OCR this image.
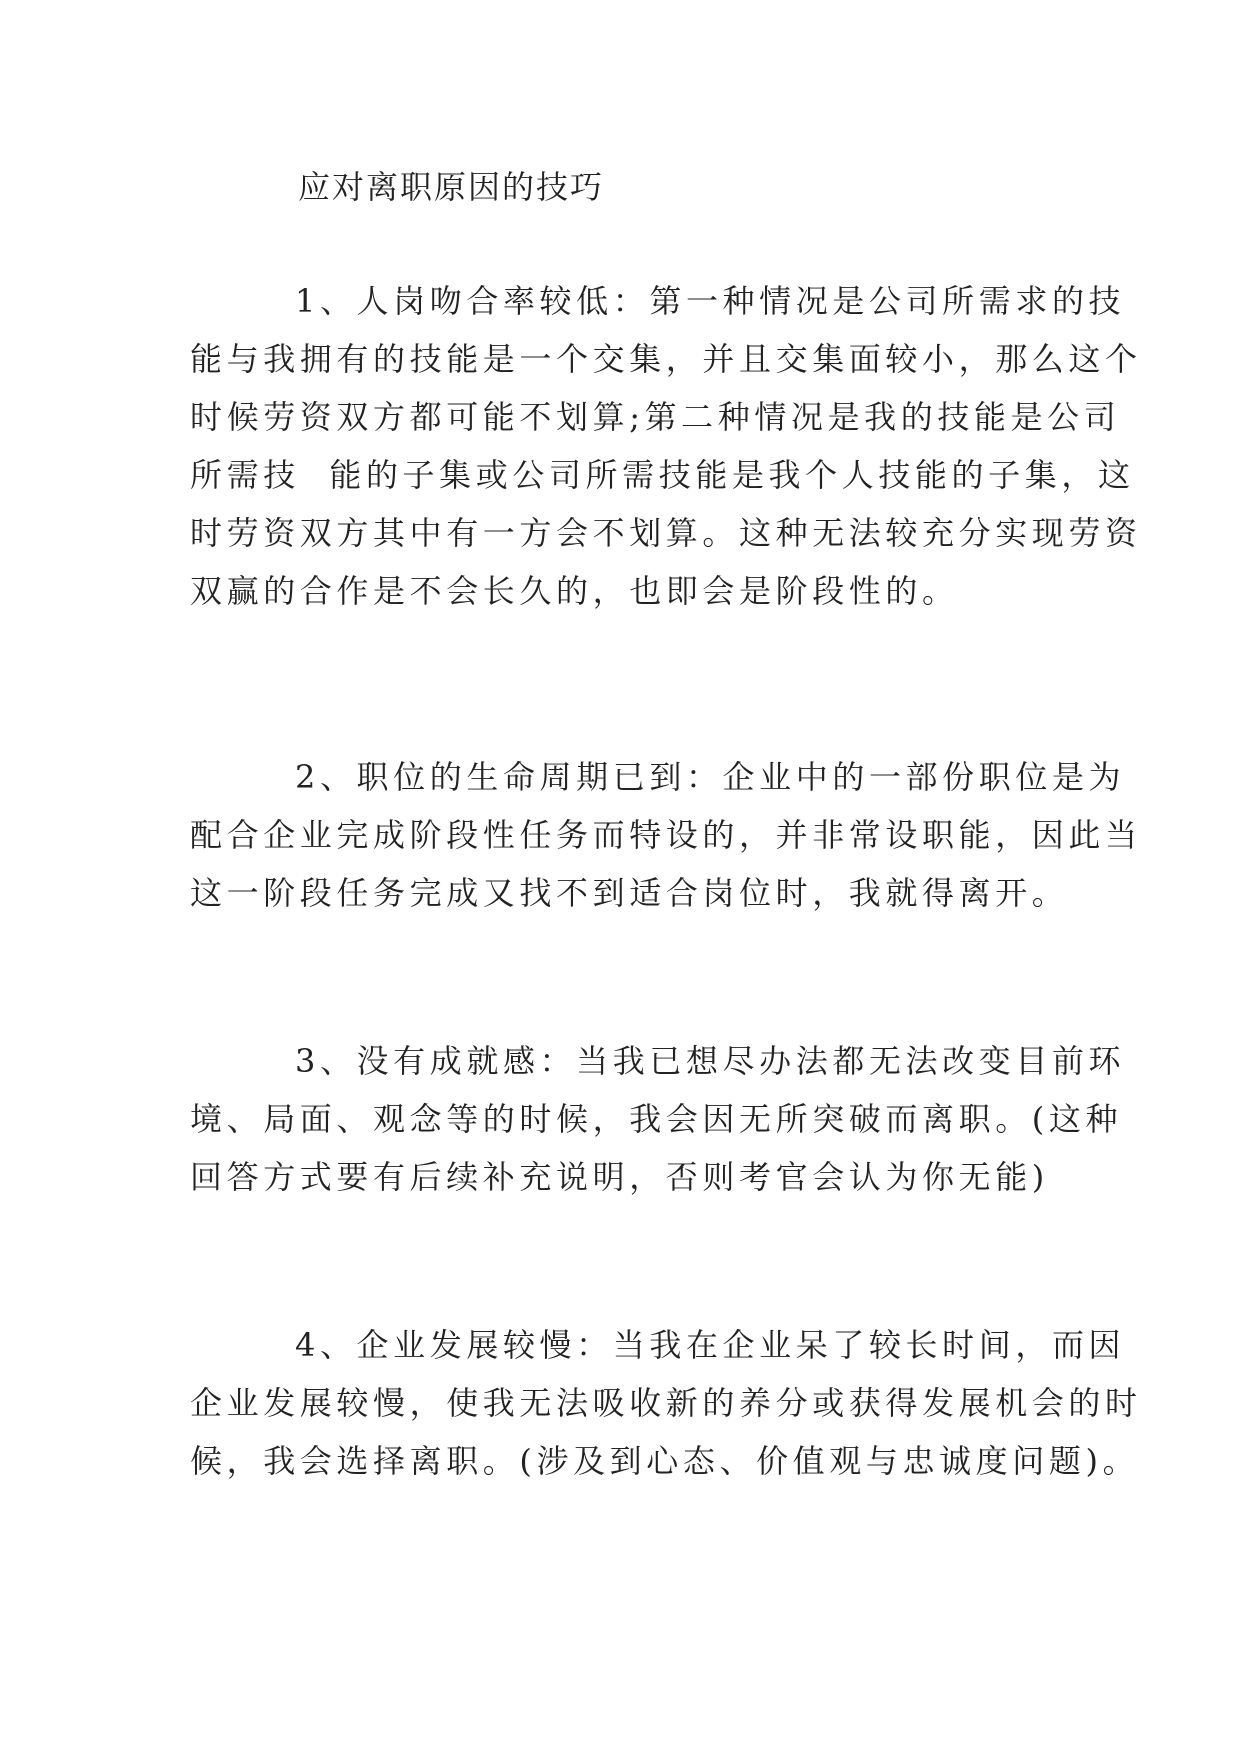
应对离职原因的技巧

1、人岗吻合率较低：第一种情况是公司所需求的技
能与我拥有的技能是一个交集，并且交集面较小，那么这个
时候劳资双方都可能不划算;第二种情况是我的技能是公司
所需技  能的子集或公司所需技能是我个人技能的子集，这
时劳资双方其中有一方会不划算。这种无法较充分实现劳资
双赢的合作是不会长久的，也即会是阶段性的。

2、职位的生命周期已到：企业中的一部份职位是为
配合企业完成阶段性任务而特设的，并非常设职能，因此当
这一阶段任务完成又找不到适合岗位时，我就得离开。

3、没有成就感：当我已想尽办法都无法改变目前环
境、局面、观念等的时候，我会因无所突破而离职。(这种
回答方式要有后续补充说明，否则考官会认为你无能)

4、企业发展较慢：当我在企业呆了较长时间，而因
企业发展较慢，使我无法吸收新的养分或获得发展机会的时
候，我会选择离职。(涉及到心态、价值观与忠诚度问题)。
